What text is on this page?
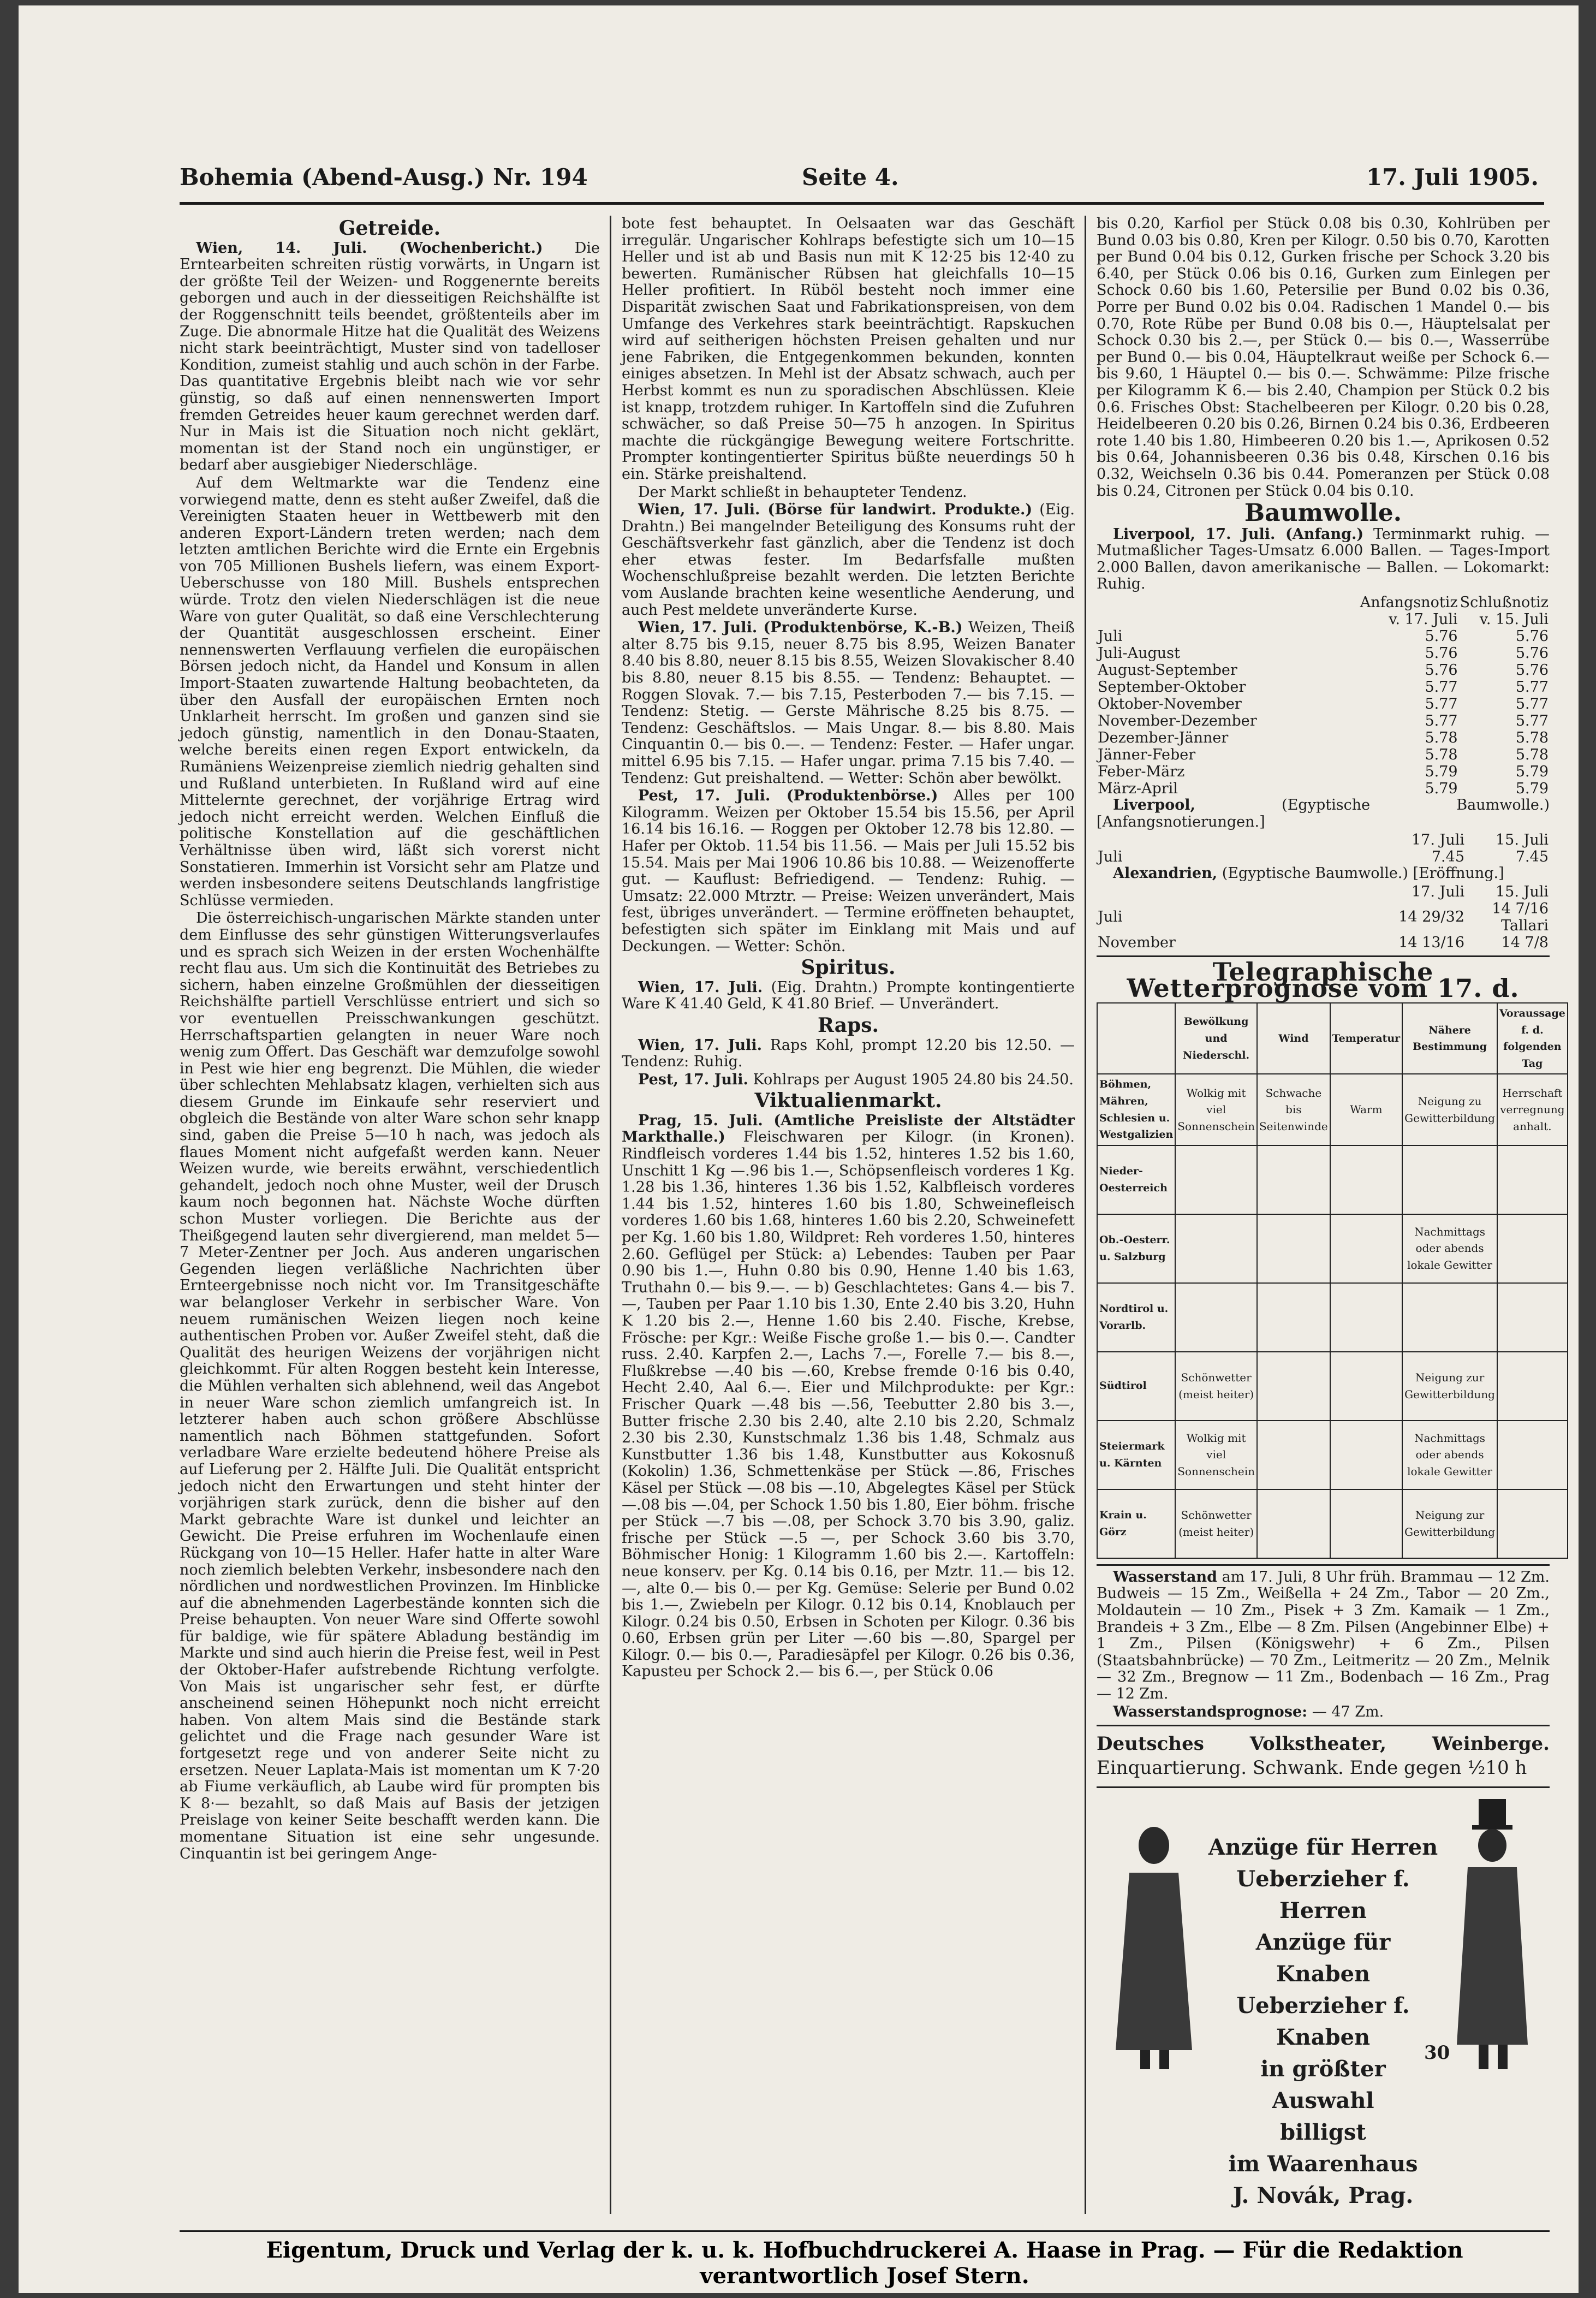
Bohemia (Abend-Ausg.) Nr. 194	Seite 4.	17. Juli 1905.
Getreide.

Wien, 14. Juli. (Wochenbericht.) Die Erntearbeiten schreiten rüstig vorwärts, in Ungarn ist der größte Teil der Weizen- und Roggenernte bereits geborgen und auch in der diesseitigen Reichshälfte ist der Roggenschnitt teils beendet, größtenteils aber im Zuge. Die abnormale Hitze hat die Qualität des Weizens nicht stark beeinträchtigt, Muster sind von tadelloser Kondition, zumeist stahlig und auch schön in der Farbe. Das quantitative Ergebnis bleibt nach wie vor sehr günstig, so daß auf einen nennenswerten Import fremden Getreides heuer kaum gerechnet werden darf. Nur in Mais ist die Situation noch nicht geklärt, momentan ist der Stand noch ein ungünstiger, er bedarf aber ausgiebiger Niederschläge.

Auf dem Weltmarkte war die Tendenz eine vorwiegend matte, denn es steht außer Zweifel, daß die Vereinigten Staaten heuer in Wettbewerb mit den anderen Export-Ländern treten werden; nach dem letzten amtlichen Berichte wird die Ernte ein Ergebnis von 705 Millionen Bushels liefern, was einem Export-Ueberschusse von 180 Mill. Bushels entsprechen würde. Trotz den vielen Niederschlägen ist die neue Ware von guter Qualität, so daß eine Verschlechterung der Quantität ausgeschlossen erscheint. Einer nennenswerten Verflauung verfielen die europäischen Börsen jedoch nicht, da Handel und Konsum in allen Import-Staaten zuwartende Haltung beobachteten, da über den Ausfall der europäischen Ernten noch Unklarheit herrscht. Im großen und ganzen sind sie jedoch günstig, namentlich in den Donau-Staaten, welche bereits einen regen Export entwickeln, da Rumäniens Weizenpreise ziemlich niedrig gehalten sind und Rußland unterbieten. In Rußland wird auf eine Mittelernte gerechnet, der vorjährige Ertrag wird jedoch nicht erreicht werden. Welchen Einfluß die politische Konstellation auf die geschäftlichen Verhältnisse üben wird, läßt sich vorerst nicht Sonstatieren. Immerhin ist Vorsicht sehr am Platze und werden insbesondere seitens Deutschlands langfristige Schlüsse vermieden.

Die österreichisch-ungarischen Märkte standen unter dem Einflusse des sehr günstigen Witterungsverlaufes und es sprach sich Weizen in der ersten Wochenhälfte recht flau aus. Um sich die Kontinuität des Betriebes zu sichern, haben einzelne Großmühlen der diesseitigen Reichshälfte partiell Verschlüsse entriert und sich so vor eventuellen Preisschwankungen geschützt. Herrschaftspartien gelangten in neuer Ware noch wenig zum Offert. Das Geschäft war demzufolge sowohl in Pest wie hier eng begrenzt. Die Mühlen, die wieder über schlechten Mehlabsatz klagen, verhielten sich aus diesem Grunde im Einkaufe sehr reserviert und obgleich die Bestände von alter Ware schon sehr knapp sind, gaben die Preise 5—10 h nach, was jedoch als flaues Moment nicht aufgefaßt werden kann. Neuer Weizen wurde, wie bereits erwähnt, verschiedentlich gehandelt, jedoch noch ohne Muster, weil der Drusch kaum noch begonnen hat. Nächste Woche dürften schon Muster vorliegen. Die Berichte aus der Theißgegend lauten sehr divergierend, man meldet 5—7 Meter-Zentner per Joch. Aus anderen ungarischen Gegenden liegen verläßliche Nachrichten über Ernteergebnisse noch nicht vor. Im Transitgeschäfte war belangloser Verkehr in serbischer Ware. Von neuem rumänischen Weizen liegen noch keine authentischen Proben vor. Außer Zweifel steht, daß die Qualität des heurigen Weizens der vorjährigen nicht gleichkommt. Für alten Roggen besteht kein Interesse, die Mühlen verhalten sich ablehnend, weil das Angebot in neuer Ware schon ziemlich umfangreich ist. In letzterer haben auch schon größere Abschlüsse namentlich nach Böhmen stattgefunden. Sofort verladbare Ware erzielte bedeutend höhere Preise als auf Lieferung per 2. Hälfte Juli. Die Qualität entspricht jedoch nicht den Erwartungen und steht hinter der vorjährigen stark zurück, denn die bisher auf den Markt gebrachte Ware ist dunkel und leichter an Gewicht. Die Preise erfuhren im Wochenlaufe einen Rückgang von 10—15 Heller. Hafer hatte in alter Ware noch ziemlich belebten Verkehr, insbesondere nach den nördlichen und nordwestlichen Provinzen. Im Hinblicke auf die abnehmenden Lagerbestände konnten sich die Preise behaupten. Von neuer Ware sind Offerte sowohl für baldige, wie für spätere Abladung beständig im Markte und sind auch hierin die Preise fest, weil in Pest der Oktober-Hafer aufstrebende Richtung verfolgte. Von Mais ist ungarischer sehr fest, er dürfte anscheinend seinen Höhepunkt noch nicht erreicht haben. Von altem Mais sind die Bestände stark gelichtet und die Frage nach gesunder Ware ist fortgesetzt rege und von anderer Seite nicht zu ersetzen. Neuer Laplata-Mais ist momentan um K 7·20 ab Fiume verkäuflich, ab Laube wird für prompten bis K 8·— bezahlt, so daß Mais auf Basis der jetzigen Preislage von keiner Seite beschafft werden kann. Die momentane Situation ist eine sehr ungesunde. Cinquantin ist bei geringem Ange-

bote fest behauptet. In Oelsaaten war das Geschäft irregulär. Ungarischer Kohlraps befestigte sich um 10—15 Heller und ist ab und Basis nun mit K 12·25 bis 12·40 zu bewerten. Rumänischer Rübsen hat gleichfalls 10—15 Heller profitiert. In Rüböl besteht noch immer eine Disparität zwischen Saat und Fabrikationspreisen, von dem Umfange des Verkehres stark beeinträchtigt. Rapskuchen wird auf seitherigen höchsten Preisen gehalten und nur jene Fabriken, die Entgegenkommen bekunden, konnten einiges absetzen. In Mehl ist der Absatz schwach, auch per Herbst kommt es nun zu sporadischen Abschlüssen. Kleie ist knapp, trotzdem ruhiger. In Kartoffeln sind die Zufuhren schwächer, so daß Preise 50—75 h anzogen. In Spiritus machte die rückgängige Bewegung weitere Fortschritte. Prompter kontingentierter Spiritus büßte neuerdings 50 h ein. Stärke preishaltend.

Der Markt schließt in behaupteter Tendenz.

Wien, 17. Juli. (Börse für landwirt. Produkte.) (Eig. Drahtn.) Bei mangelnder Beteiligung des Konsums ruht der Geschäftsverkehr fast gänzlich, aber die Tendenz ist doch eher etwas fester. Im Bedarfsfalle mußten Wochenschlußpreise bezahlt werden. Die letzten Berichte vom Auslande brachten keine wesentliche Aenderung, und auch Pest meldete unveränderte Kurse.

Wien, 17. Juli. (Produktenbörse, K.-B.) Weizen, Theiß alter 8.75 bis 9.15, neuer 8.75 bis 8.95, Weizen Banater 8.40 bis 8.80, neuer 8.15 bis 8.55, Weizen Slovakischer 8.40 bis 8.80, neuer 8.15 bis 8.55. — Tendenz: Behauptet. — Roggen Slovak. 7.— bis 7.15, Pesterboden 7.— bis 7.15. — Tendenz: Stetig. — Gerste Mährische 8.25 bis 8.75. — Tendenz: Geschäftslos. — Mais Ungar. 8.— bis 8.80. Mais Cinquantin 0.— bis 0.—. — Tendenz: Fester. — Hafer ungar. mittel 6.95 bis 7.15. — Hafer ungar. prima 7.15 bis 7.40. — Tendenz: Gut preishaltend. — Wetter: Schön aber bewölkt.

Pest, 17. Juli. (Produktenbörse.) Alles per 100 Kilogramm. Weizen per Oktober 15.54 bis 15.56, per April 16.14 bis 16.16. — Roggen per Oktober 12.78 bis 12.80. — Hafer per Oktob. 11.54 bis 11.56. — Mais per Juli 15.52 bis 15.54. Mais per Mai 1906 10.86 bis 10.88. — Weizenofferte gut. — Kauflust: Befriedigend. — Tendenz: Ruhig. — Umsatz: 22.000 Mtrztr. — Preise: Weizen unverändert, Mais fest, übriges unverändert. — Termine eröffneten behauptet, befestigten sich später im Einklang mit Mais und auf Deckungen. — Wetter: Schön.

Spiritus.

Wien, 17. Juli. (Eig. Drahtn.) Prompte kontingentierte Ware K 41.40 Geld, K 41.80 Brief. — Unverändert.

Raps.

Wien, 17. Juli. Raps Kohl, prompt 12.20 bis 12.50. — Tendenz: Ruhig.

Pest, 17. Juli. Kohlraps per August 1905 24.80 bis 24.50.

Viktualienmarkt.

Prag, 15. Juli. (Amtliche Preisliste der Altstädter Markthalle.) Fleischwaren per Kilogr. (in Kronen). Rindfleisch vorderes 1.44 bis 1.52, hinteres 1.52 bis 1.60, Unschitt 1 Kg —.96 bis 1.—, Schöpsenfleisch vorderes 1 Kg. 1.28 bis 1.36, hinteres 1.36 bis 1.52, Kalbfleisch vorderes 1.44 bis 1.52, hinteres 1.60 bis 1.80, Schweinefleisch vorderes 1.60 bis 1.68, hinteres 1.60 bis 2.20, Schweinefett per Kg. 1.60 bis 1.80, Wildpret: Reh vorderes 1.50, hinteres 2.60. Geflügel per Stück: a) Lebendes: Tauben per Paar 0.90 bis 1.—, Huhn 0.80 bis 0.90, Henne 1.40 bis 1.63, Truthahn 0.— bis 9.—. — b) Geschlachtetes: Gans 4.— bis 7.—, Tauben per Paar 1.10 bis 1.30, Ente 2.40 bis 3.20, Huhn K 1.20 bis 2.—, Henne 1.60 bis 2.40. Fische, Krebse, Frösche: per Kgr.: Weiße Fische große 1.— bis 0.—. Candter russ. 2.40. Karpfen 2.—, Lachs 7.—, Forelle 7.— bis 8.—, Flußkrebse —.40 bis —.60, Krebse fremde 0·16 bis 0.40, Hecht 2.40, Aal 6.—. Eier und Milchprodukte: per Kgr.: Frischer Quark —.48 bis —.56, Teebutter 2.80 bis 3.—, Butter frische 2.30 bis 2.40, alte 2.10 bis 2.20, Schmalz 2.30 bis 2.30, Kunstschmalz 1.36 bis 1.48, Schmalz aus Kunstbutter 1.36 bis 1.48, Kunstbutter aus Kokosnuß (Kokolin) 1.36, Schmettenkäse per Stück —.86, Frisches Käsel per Stück —.08 bis —.10, Abgelegtes Käsel per Stück —.08 bis —.04, per Schock 1.50 bis 1.80, Eier böhm. frische per Stück —.7 bis —.08, per Schock 3.70 bis 3.90, galiz. frische per Stück —.5 —, per Schock 3.60 bis 3.70, Böhmischer Honig: 1 Kilogramm 1.60 bis 2.—. Kartoffeln: neue konserv. per Kg. 0.14 bis 0.16, per Mztr. 11.— bis 12.—, alte 0.— bis 0.— per Kg. Gemüse: Selerie per Bund 0.02 bis 1.—, Zwiebeln per Kilogr. 0.12 bis 0.14, Knoblauch per Kilogr. 0.24 bis 0.50, Erbsen in Schoten per Kilogr. 0.36 bis 0.60, Erbsen grün per Liter —.60 bis —.80, Spargel per Kilogr. 0.— bis 0.—, Paradiesäpfel per Kilogr. 0.26 bis 0.36, Kapusteu per Schock 2.— bis 6.—, per Stück 0.06

bis 0.20, Karfiol per Stück 0.08 bis 0.30, Kohlrüben per Bund 0.03 bis 0.80, Kren per Kilogr. 0.50 bis 0.70, Karotten per Bund 0.04 bis 0.12, Gurken frische per Schock 3.20 bis 6.40, per Stück 0.06 bis 0.16, Gurken zum Einlegen per Schock 0.60 bis 1.60, Petersilie per Bund 0.02 bis 0.36, Porre per Bund 0.02 bis 0.04. Radischen 1 Mandel 0.— bis 0.70, Rote Rübe per Bund 0.08 bis 0.—, Häuptelsalat per Schock 0.30 bis 2.—, per Stück 0.— bis 0.—, Wasserrübe per Bund 0.— bis 0.04, Häuptelkraut weiße per Schock 6.— bis 9.60, 1 Häuptel 0.— bis 0.—. Schwämme: Pilze frische per Kilogramm K 6.— bis 2.40, Champion per Stück 0.2 bis 0.6. Frisches Obst: Stachelbeeren per Kilogr. 0.20 bis 0.28, Heidelbeeren 0.20 bis 0.26, Birnen 0.24 bis 0.36, Erdbeeren rote 1.40 bis 1.80, Himbeeren 0.20 bis 1.—, Aprikosen 0.52 bis 0.64, Johannisbeeren 0.36 bis 0.48, Kirschen 0.16 bis 0.32, Weichseln 0.36 bis 0.44. Pomeranzen per Stück 0.08 bis 0.24, Citronen per Stück 0.04 bis 0.10.

Baumwolle.

Liverpool, 17. Juli. (Anfang.) Terminmarkt ruhig. — Mutmaßlicher Tages-Umsatz 6.000 Ballen. — Tages-Import 2.000 Ballen, davon amerikanische — Ballen. — Lokomarkt: Ruhig.

	Anfangsnotiz v. 17. Juli	Schlußnotiz v. 15. Juli
Juli	5.76	5.76
Juli-August	5.76	5.76
August-September	5.76	5.76
September-Oktober	5.77	5.77
Oktober-November	5.77	5.77
November-Dezember	5.77	5.77
Dezember-Jänner	5.78	5.78
Jänner-Feber	5.78	5.78
Feber-März	5.79	5.79
März-April	5.79	5.79

Liverpool,	(Egyptische Baumwolle.) [Anfangsnotierungen.]

	17. Juli	15. Juli
Juli	7.45	7.45

Alexandrien, (Egyptische Baumwolle.) [Eröffnung.]

	17. Juli	15. Juli
Juli	14 29/32	14 7/16 Tallari
November	14 13/16	14 7/8
Telegraphische Wetterprognose vom 17. d.
	Bewölkung und Niederschl.	Wind	Temperatur	Nähere Bestimmung	Voraussage f. d. folgenden Tag
Böhmen, Mähren, Schlesien u. Westgalizien	Wolkig mit viel Sonnenschein	Schwache bis Seitenwinde	Warm	Neigung zu Gewitterbildung	Herrschaft verregnung anhalt.
Nieder-Oesterreich					
Ob.-Oesterr. u. Salzburg				Nachmittags oder abends lokale Gewitter	
Nordtirol u. Vorarlb.					
Südtirol	Schönwetter (meist heiter)			Neigung zur Gewitterbildung	
Steiermark u. Kärnten	Wolkig mit viel Sonnenschein			Nachmittags oder abends lokale Gewitter	
Krain u. Görz	Schönwetter (meist heiter)			Neigung zur Gewitterbildung	

Wasserstand am 17. Juli, 8 Uhr früh. Brammau — 12 Zm. Budweis — 15 Zm., Weißella + 24 Zm., Tabor — 20 Zm., Moldautein — 10 Zm., Pisek + 3 Zm. Kamaik — 1 Zm., Brandeis + 3 Zm., Elbe — 8 Zm. Pilsen (Angebinner Elbe) + 1 Zm., Pilsen (Königswehr) + 6 Zm., Pilsen (Staatsbahnbrücke) — 70 Zm., Leitmeritz — 20 Zm., Melnik — 32 Zm., Bregnow — 11 Zm., Bodenbach — 16 Zm., Prag — 12 Zm.

Wasserstandsprognose: — 47 Zm.

Deutsches Volkstheater, Weinberge. Einquartierung. Schwank. Ende gegen ½10 h

Anzüge für Herren
Ueberzieher f. Herren
Anzüge für Knaben
Ueberzieher f. Knaben
in größter Auswahl
billigst
im Waarenhaus
J. Novák, Prag.
30
Eigentum, Druck und Verlag der k. u. k. Hofbuchdruckerei A. Haase in Prag. — Für die Redaktion verantwortlich Josef Stern.
